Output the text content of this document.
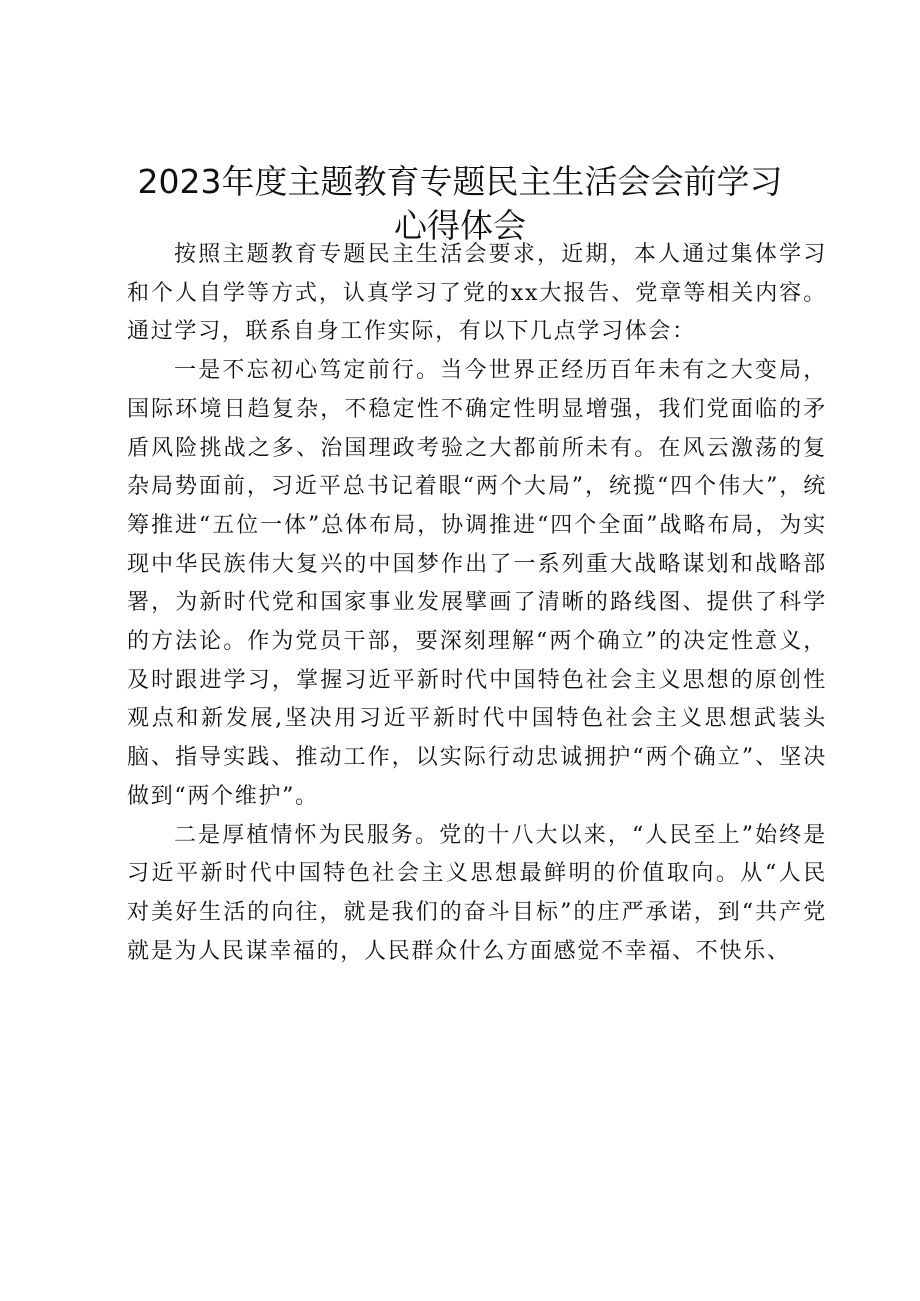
2023年度主题教育专题民主生活会会前学习
心得体会

按照主题教育专题民主生活会要求，近期，本人通过集体学习和个人自学等方式，认真学习了党的xx大报告、党章等相关内容。通过学习，联系自身工作实际，有以下几点学习体会：

一是不忘初心笃定前行。当今世界正经历百年未有之大变局，国际环境日趋复杂，不稳定性不确定性明显增强，我们党面临的矛盾风险挑战之多、治国理政考验之大都前所未有。在风云激荡的复杂局势面前，习近平总书记着眼“两个大局”，统揽“四个伟大”，统筹推进“五位一体”总体布局，协调推进“四个全面”战略布局，为实现中华民族伟大复兴的中国梦作出了一系列重大战略谋划和战略部署，为新时代党和国家事业发展擘画了清晰的路线图、提供了科学的方法论。作为党员干部，要深刻理解“两个确立”的决定性意义，及时跟进学习，掌握习近平新时代中国特色社会主义思想的原创性观点和新发展,坚决用习近平新时代中国特色社会主义思想武装头脑、指导实践、推动工作，以实际行动忠诚拥护“两个确立”、坚决做到“两个维护”。

二是厚植情怀为民服务。党的十八大以来，“人民至上”始终是习近平新时代中国特色社会主义思想最鲜明的价值取向。从“人民对美好生活的向往，就是我们的奋斗目标”的庄严承诺，到“共产党就是为人民谋幸福的，人民群众什么方面感觉不幸福、不快乐、
